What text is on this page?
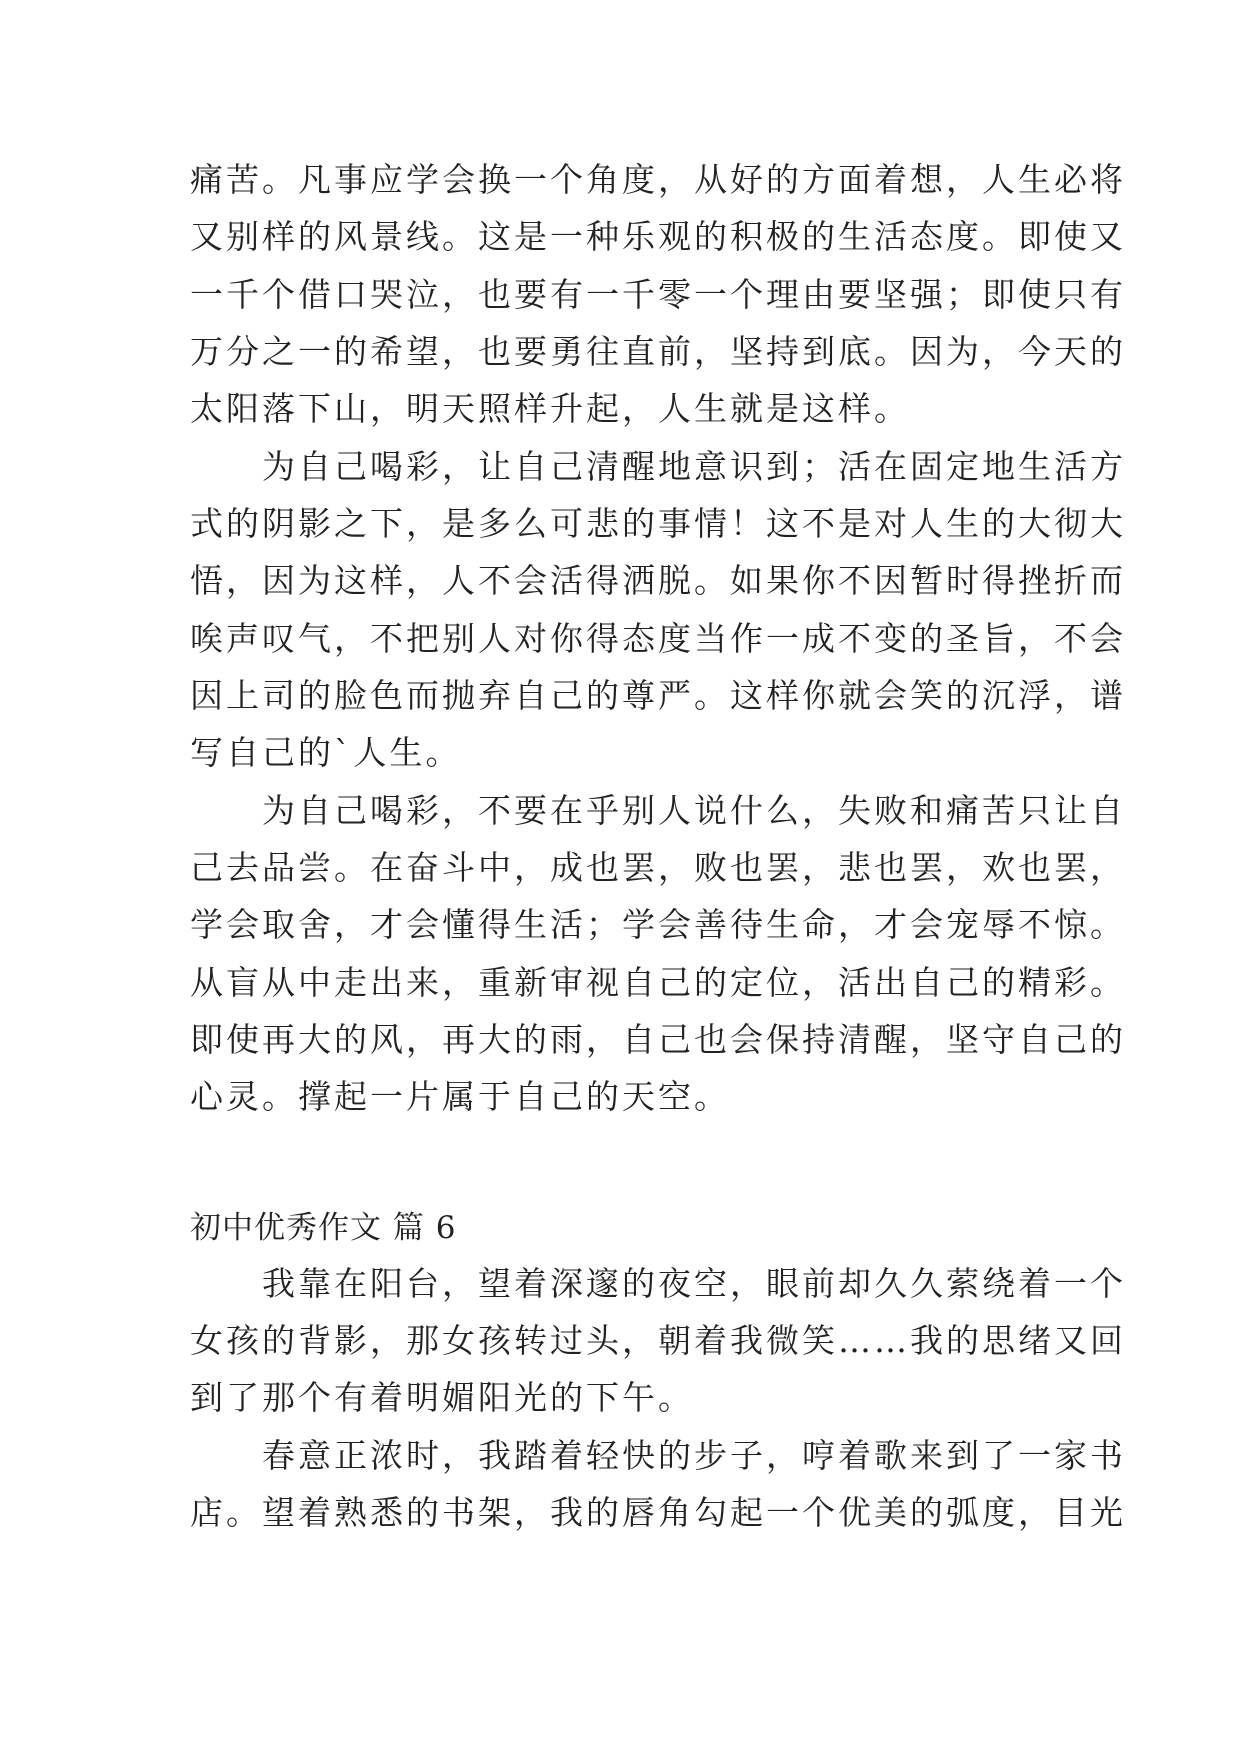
痛苦。凡事应学会换一个角度，从好的方面着想，人生必将
又别样的风景线。这是一种乐观的积极的生活态度。即使又
一千个借口哭泣，也要有一千零一个理由要坚强；即使只有
万分之一的希望，也要勇往直前，坚持到底。因为，今天的
太阳落下山，明天照样升起，人生就是这样。
　　为自己喝彩，让自己清醒地意识到；活在固定地生活方
式的阴影之下，是多么可悲的事情！这不是对人生的大彻大
悟，因为这样，人不会活得洒脱。如果你不因暂时得挫折而
唉声叹气，不把别人对你得态度当作一成不变的圣旨，不会
因上司的脸色而抛弃自己的尊严。这样你就会笑的沉浮，谱
写自己的`人生。
　　为自己喝彩，不要在乎别人说什么，失败和痛苦只让自
己去品尝。在奋斗中，成也罢，败也罢，悲也罢，欢也罢，
学会取舍，才会懂得生活；学会善待生命，才会宠辱不惊。
从盲从中走出来，重新审视自己的定位，活出自己的精彩。
即使再大的风，再大的雨，自己也会保持清醒，坚守自己的
心灵。撑起一片属于自己的天空。
初中优秀作文 篇 6
　　我靠在阳台，望着深邃的夜空，眼前却久久萦绕着一个
女孩的背影，那女孩转过头，朝着我微笑……我的思绪又回
到了那个有着明媚阳光的下午。
　　春意正浓时，我踏着轻快的步子，哼着歌来到了一家书
店。望着熟悉的书架，我的唇角勾起一个优美的弧度，目光
